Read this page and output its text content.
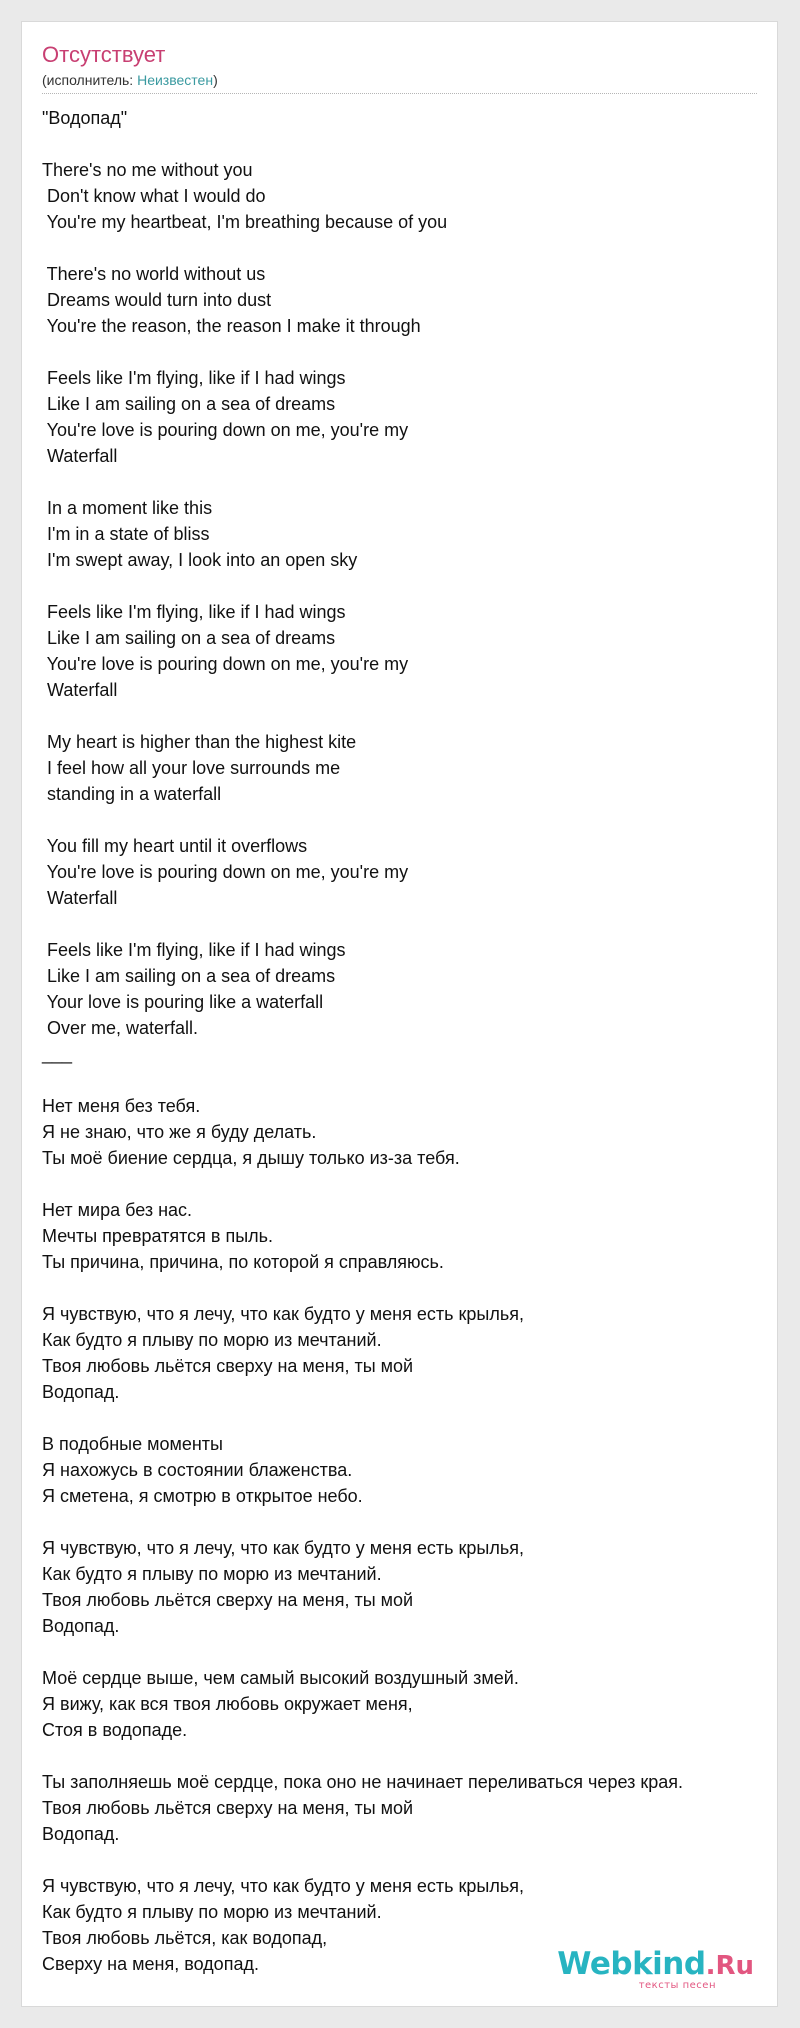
Отсутствует
(исполнитель: Неизвестен)
"Водопад"

There's no me without you
Don't know what I would do
You're my heartbeat, I'm breathing because of you

There's no world without us
Dreams would turn into dust
You're the reason, the reason I make it through

Feels like I'm flying, like if I had wings
Like I am sailing on a sea of dreams
You're love is pouring down on me, you're my
Waterfall

In a moment like this
I'm in a state of bliss
I'm swept away, I look into an open sky

Feels like I'm flying, like if I had wings
Like I am sailing on a sea of dreams
You're love is pouring down on me, you're my
Waterfall

My heart is higher than the highest kite
I feel how all your love surrounds me
standing in a waterfall

You fill my heart until it overflows
You're love is pouring down on me, you're my
Waterfall

Feels like I'm flying, like if I had wings
Like I am sailing on a sea of dreams
Your love is pouring like a waterfall
Over me, waterfall.
___

Нет меня без тебя.
Я не знаю, что же я буду делать.
Ты моё биение сердца, я дышу только из-за тебя.

Нет мира без нас.
Мечты превратятся в пыль.
Ты причина, причина, по которой я справляюсь.

Я чувствую, что я лечу, что как будто у меня есть крылья,
Как будто я плыву по морю из мечтаний.
Твоя любовь льётся сверху на меня, ты мой
Водопад.

В подобные моменты
Я нахожусь в состоянии блаженства.
Я сметена, я смотрю в открытое небо.

Я чувствую, что я лечу, что как будто у меня есть крылья,
Как будто я плыву по морю из мечтаний.
Твоя любовь льётся сверху на меня, ты мой
Водопад.

Моё сердце выше, чем самый высокий воздушный змей.
Я вижу, как вся твоя любовь окружает меня,
Стоя в водопаде.

Ты заполняешь моё сердце, пока оно не начинает переливаться через края.
Твоя любовь льётся сверху на меня, ты мой
Водопад.

Я чувствую, что я лечу, что как будто у меня есть крылья,
Как будто я плыву по морю из мечтаний.
Твоя любовь льётся, как водопад,
Сверху на меня, водопад.	Webkind.Ru
тексты песен
